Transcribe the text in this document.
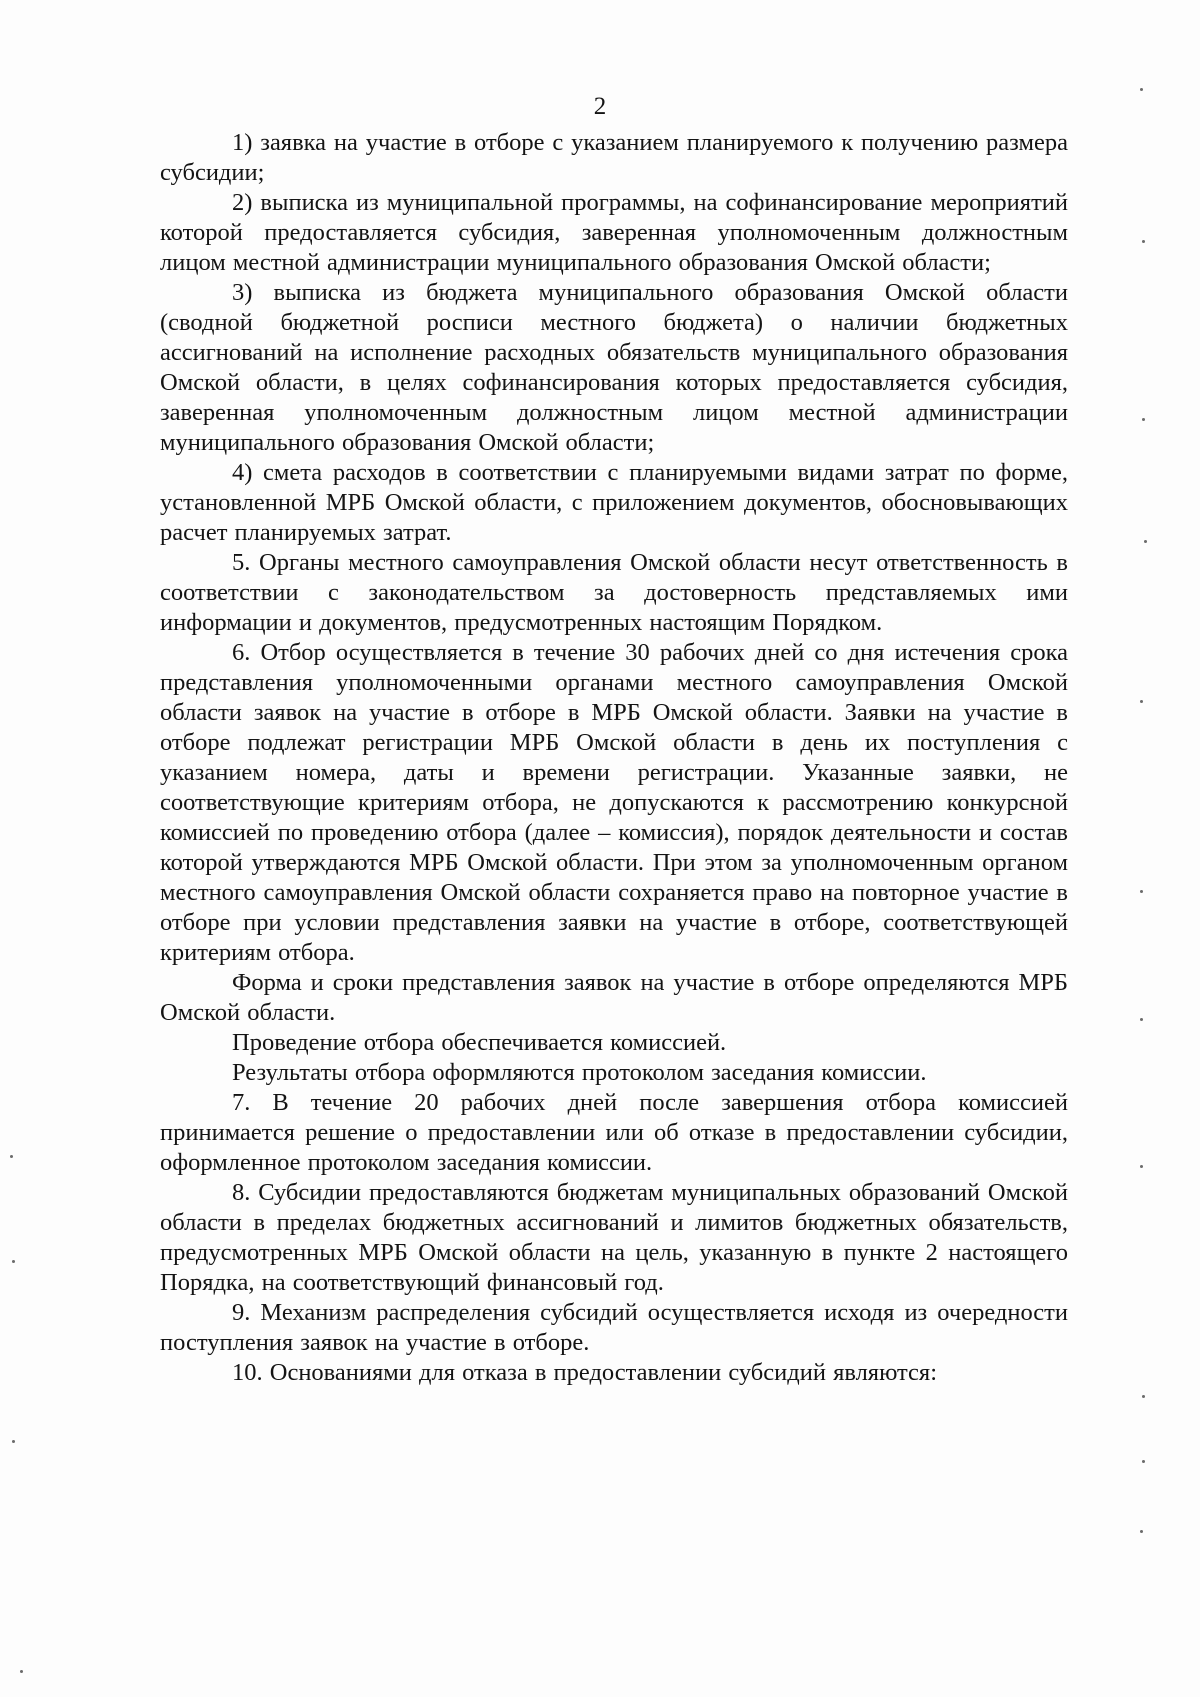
2

1) заявка на участие в отборе с указанием планируемого к получению размера субсидии;

2) выписка из муниципальной программы, на софинансирование мероприятий которой предоставляется субсидия, заверенная уполномоченным должностным лицом местной администрации муниципального образования Омской области;

3) выписка из бюджета муниципального образования Омской области (сводной бюджетной росписи местного бюджета) о наличии бюджетных ассигнований на исполнение расходных обязательств муниципального образования Омской области, в целях софинансирования которых предоставляется субсидия, заверенная уполномоченным должностным лицом местной администрации муниципального образования Омской области;

4) смета расходов в соответствии с планируемыми видами затрат по форме, установленной МРБ Омской области, с приложением документов, обосновывающих расчет планируемых затрат.

5. Органы местного самоуправления Омской области несут ответственность в соответствии с законодательством за достоверность представляемых ими информации и документов, предусмотренных настоящим Порядком.

6. Отбор осуществляется в течение 30 рабочих дней со дня истечения срока представления уполномоченными органами местного самоуправления Омской области заявок на участие в отборе в МРБ Омской области. Заявки на участие в отборе подлежат регистрации МРБ Омской области в день их поступления с указанием номера, даты и времени регистрации. Указанные заявки, не соответствующие критериям отбора, не допускаются к рассмотрению конкурсной комиссией по проведению отбора (далее – комиссия), порядок деятельности и состав которой утверждаются МРБ Омской области. При этом за уполномоченным органом местного самоуправления Омской области сохраняется право на повторное участие в отборе при условии представления заявки на участие в отборе, соответствующей критериям отбора.

Форма и сроки представления заявок на участие в отборе определяются МРБ Омской области.

Проведение отбора обеспечивается комиссией.

Результаты отбора оформляются протоколом заседания комиссии.

7. В течение 20 рабочих дней после завершения отбора комиссией принимается решение о предоставлении или об отказе в предоставлении субсидии, оформленное протоколом заседания комиссии.

8. Субсидии предоставляются бюджетам муниципальных образований Омской области в пределах бюджетных ассигнований и лимитов бюджетных обязательств, предусмотренных МРБ Омской области на цель, указанную в пункте 2 настоящего Порядка, на соответствующий финансовый год.

9. Механизм распределения субсидий осуществляется исходя из очередности поступления заявок на участие в отборе.

10. Основаниями для отказа в предоставлении субсидий являются:
